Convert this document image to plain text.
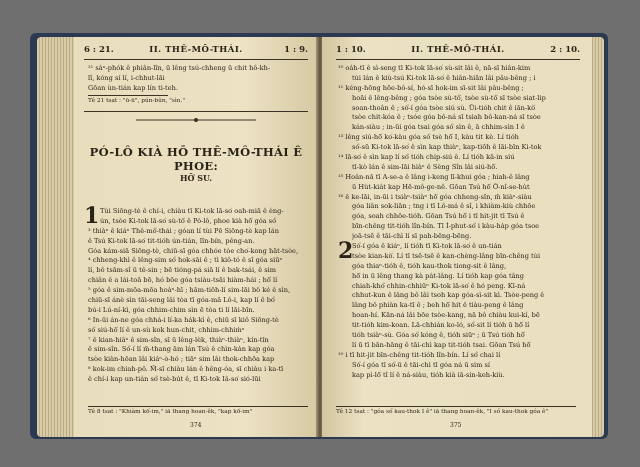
6 : 21.	II. THÊ-MÔ-THÁI.	1 : 9.
²¹ sa̍ⁿ-pho̍k ê phiân-lîn, ū lêng tsú-chheng ū chit hô-kh-
lî, kóng sí lí, i-chhut-lāi
Gōan ùn-tián kap lín ti-teh.
Tê 21 tsat : "ū-ū", pún-bûn, "sìn."
PÓ-LÔ KIÀ HŌ THÊ-MÔ-THÁI Ê PHOE:
HŌ͘ SU.
1 Tùi Siōng-tè ê chí-i, chiàu tī Ki-tok lā-so͘ oah-miā ê èng-
ún, tsòe Ki-tok lā-so͘ sù-tô͘ ê Pó-lô, phoe kià hō͘ góa só͘
³ thiàⁿ ê kiáⁿ Thê-mô͘-thái ; góan lí tùi Pē Siōng-tè kap lán
ê Tsú Ki-tok lā-so͘ tit-tióh ún-tián, lîn-bín, pêng-an.
Góa kám-siā Siōng-tè, chiū-sī góa chhóe tòe cho͘-kong hāt-tsòe,
⁴ chheng-khì ê lêng-sim só͘ hok-sāi ê ; tì kiô-tó ê sî góa siūⁿ
lí, bô tsām-sî ū tê-sin ; bē tióng-pá siā lí ê bak-tsái, ê sim
chiân ê a lái-toā bō, hó bōe góa tsiàu-tsāi hiàm-hái ; hō͘ lí
⁵ góa ê sim-mōa-mōa hoa̍ⁿ-hī ; hām-tiōh-lí sim-lāi bô ké ê sìn,
chiū-sī ánè sìn tāi-seng lâi tòa tī góa-mā Lô-i, kap lí ê bó͘
bú-i Lú-ní-kì, góa chhim-chim sìn ē tòa ti lí lāi-bīn.
⁶ In-ūi án-ne góa chhá-i lí-ka ha̍k-kì ê, chiū sī kiô Siōng-tè
só͘ siú-hō͘ lí ê un-sù kok hun-chit, chhim-chhim̍ⁿ
⁷ ê kian-hiâⁿ ê sim-sîn, sī ū lêng-lèk, thiàⁿ-thiàⁿ, kín-tīn
ê sim-sîn. Só͘-í lí m̄-thang ām lán Tsú ê chìn-kàn kap góa
tsòe kiàn-hōan lâi kia̍ⁿ-ò-hó ; tiāⁿ sim lâi thok-chhōa kap
⁸ kok-im chiah-pô. M̄-sī chiàu lán ê hêng-óa, sī chiàu i ka-tī
ê chí-i kap un-tián só͘ tsè-bu̍t ê, tī Ki-tok Iâ-so͘ sió-lūi
Tê 8 tsat : "Khiàm kō͘-im," iā thang hoan-êk, "kap kō͘-im"
374
1 : 10.	II. THÊ-MÔ-THÁI.	2 : 10.
¹⁰ oa̍h-tī ê sì-seng tī Ki-tok lā-so͘ sù-sit lâi ê, nā-sī hiân-kim
tùi lán ê kiù-tsú Ki-tok lā-so͘ ê hiân-hiān lâi pâu-bêng ; i
¹¹ kéng-hōng hōe-bô-sí, hó-sī hok-im sī-sit lâi pâu-bêng ;
hoāi ê lêng-bêng ; góa tsòe sù-tô͘, tsòe sù-tô͘ sī tsòe siat-lip
soan-thoân ê ; só͘-í góa tsòe siú sù. Ūi-tióh chit ê iān-kò͘
tsòe chit-kóa ê ; tsóe góa bô-ná sī tsiah bô-kan-ná sī tsòe
kán-siàu ; in-ūi góa tsai góa só͘ sìn ê, ā chhim-sìn I ê
¹³ lêng siú-hō͘ ko͘-kàu góa só͘ tsè hō͘ I, kàu tit kè. Lí tióh
só͘-sū Ki-tok lā-so͘ ê sìn kap thiàⁿ, kap-tiōh ê lāi-bīn Ki-tok
¹⁴ lā-so͘ ê sìn kap lí só͘ tióh chip-siú ê. Lí tióh kā-in siú
tī-kò lán ê sim-lāi hiàⁿ ê Sèng Sîn lâi siú-hō͘.
¹⁵ Hoân-nā tī A-se-a ê lâng i-keng lī-khui góa ; hiah-ê lâng
ū Hu̍t-kia̍t kap Hē-mô-ge-nê. Gōan Tsú hō͘ Ô͘-nî-se-hu̍t
¹⁶ ê ke-lāi, in-ūi i tsiàⁿ-tsiàⁿ hō͘ góa chheng-sîn, m̄ kiàⁿ-siàu
góa liân sok-liān ; tng i tī Lô-má ê sî, i khiàm-kiù chhōe
góa, soah chhōe-tióh. Gōan Tsú hō͘ i tī hit-jit tī Tsú ê
bīn-chêng tit-tióh lîn-bín. Tī Í-phut-só͘ i kàu-ha̍p góa tsoe
joā-tsē ê tāi-chì lí sī pah-bēng-bēng.
2
Só͘-í góa ê kiáⁿ, lí tióh tī Ki-tok lā-so͘ ê un-tián
tsòe kian-kò͘. Lí tī tsē-tsē ê kan-chèng-lâng bīn-chêng tùi
góa thiaⁿ-tióh ê, tióh kau-thok tiong-sit ê lâng,
hō͘ in ū lêng thang kà pa̍t-lâng. Lí tióh kap góa tâng
chiah-khó͘ chhin-chhiūⁿ Ki-tok lā-so͘ ê hó peng. Kī-ná
chhut-kun ê lâng bô lâi tsoh kap góa-sì-sit kì. Tsòe-peng ê
lâng bô phiàn ka-tī ê ; beh hō͘ hit ê tiàu-peng ê lâng
hoan-hí. Kān-ná lâi bōe tsòe-kang, nā bô chiàu kui-kí, bē
tit-tióh kim-koan. Lā-chhián ko-ló, só͘-sit lí tióh ū hō͘ lí
tióh tsiàⁿ-sù. Góa só͘ kóng ê, tióh siūⁿ ; ū Tsú tióh hō͘
lí ū tī bān-hāng ê tāi-chì kap tit-tióh tsai. Gōan Tsú hō͘
¹⁰ i tī hit-jit bīn-chêng tit-tióh lîn-bín. Lí só͘ chai lí
Só͘-í góa tī só͘-ū ê tāi-chì tī góa ná ū sim sí
kap pì-lō͘ tî lí ê ná-siàu, tióh kià iā-sin-keh-kiù.
Tê 12 tsat : "góa só͘ kau-thok I ê" iā thang hoan-êk, "I só͘ kau-thok góa ê"
375
